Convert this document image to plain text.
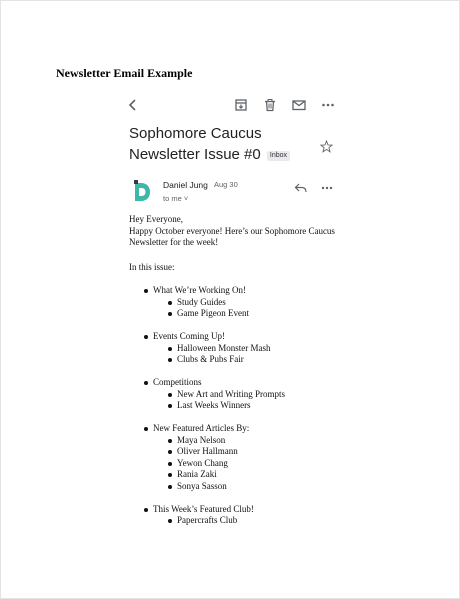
Newsletter Email Example
Sophomore Caucus Newsletter Issue #0 Inbox
Daniel Jung Aug 30
to me ˅

Hey Everyone,

Happy October everyone! Here’s our Sophomore Caucus Newsletter for the week!

In this issue:
What We’re Working On!
Study Guides
Game Pigeon Event
Events Coming Up!
Halloween Monster Mash
Clubs & Pubs Fair
Competitions
New Art and Writing Prompts
Last Weeks Winners
New Featured Articles By:
Maya Nelson
Oliver Hallmann
Yewon Chang
Rania Zaki
Sonya Sasson
This Week’s Featured Club!
Papercrafts Club
